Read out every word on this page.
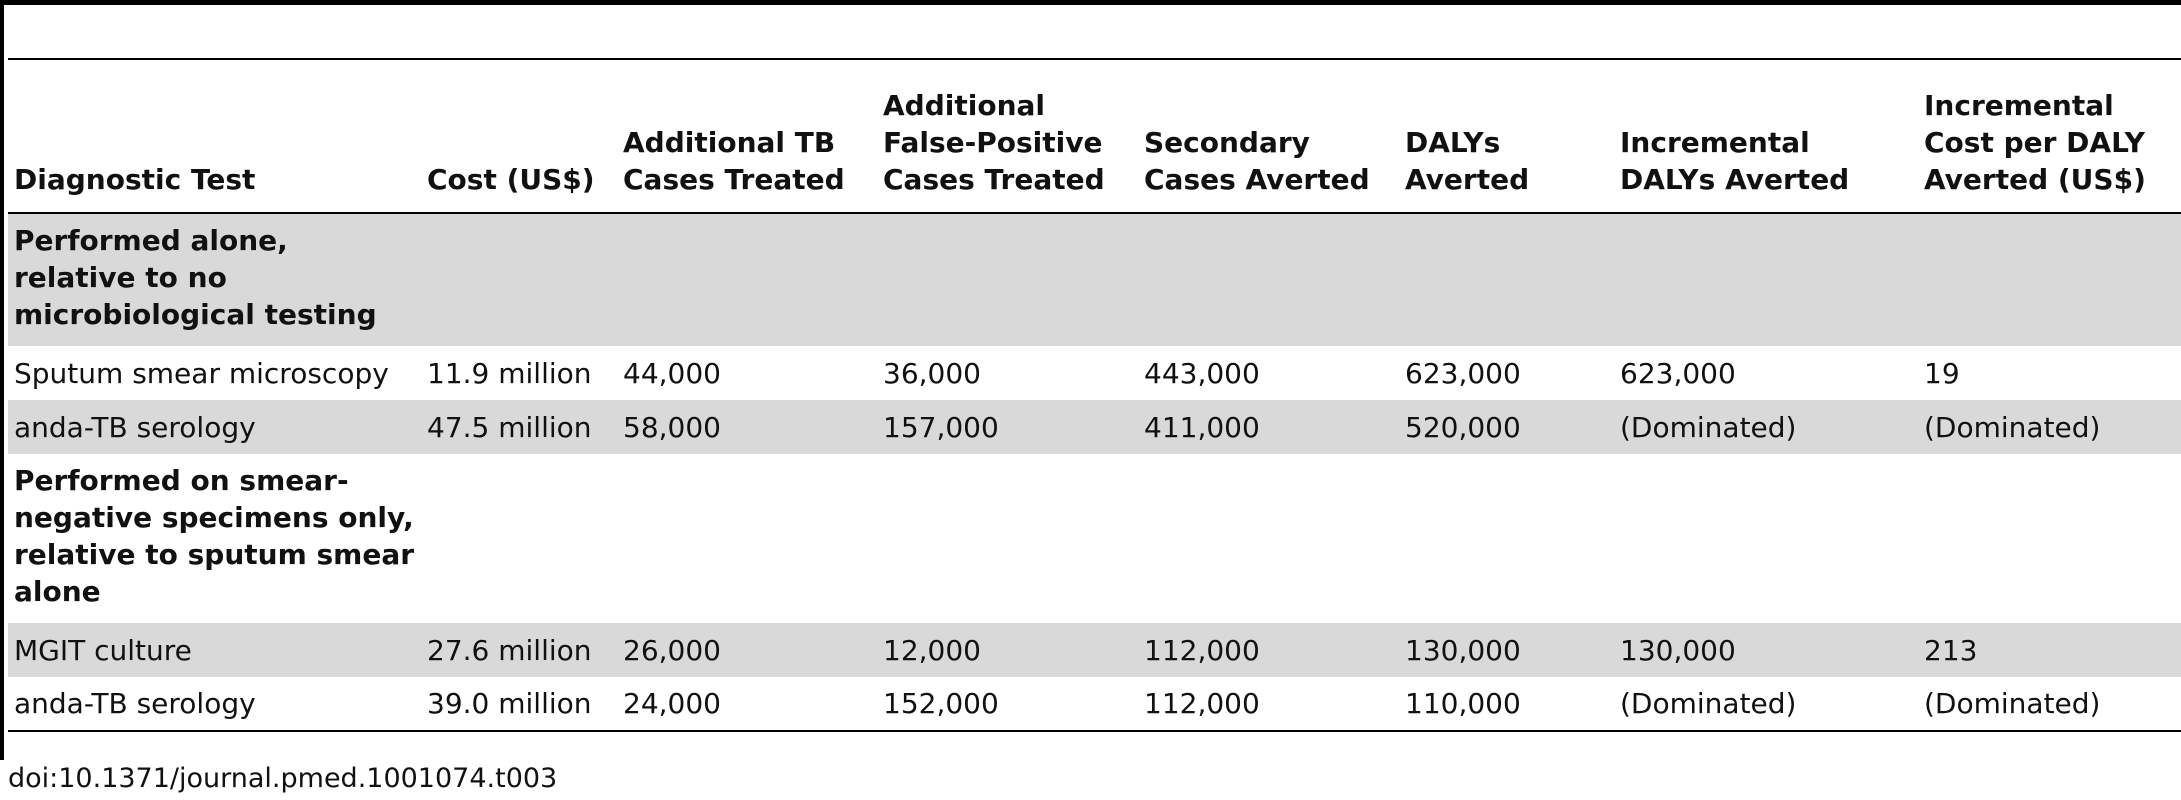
Diagnostic Test	Cost (US$)	Additional TB Cases Treated	Additional False-Positive Cases Treated	Secondary Cases Averted	DALYs Averted	Incremental DALYs Averted	Incremental Cost per DALY Averted (US$)
Performed alone, relative to no microbiological testing							
Sputum smear microscopy	11.9 million	44,000	36,000	443,000	623,000	623,000	19
anda-TB serology	47.5 million	58,000	157,000	411,000	520,000	(Dominated)	(Dominated)
Performed on smear-negative specimens only, relative to sputum smear alone							
MGIT culture	27.6 million	26,000	12,000	112,000	130,000	130,000	213
anda-TB serology	39.0 million	24,000	152,000	112,000	110,000	(Dominated)	(Dominated)
doi:10.1371/journal.pmed.1001074.t003
